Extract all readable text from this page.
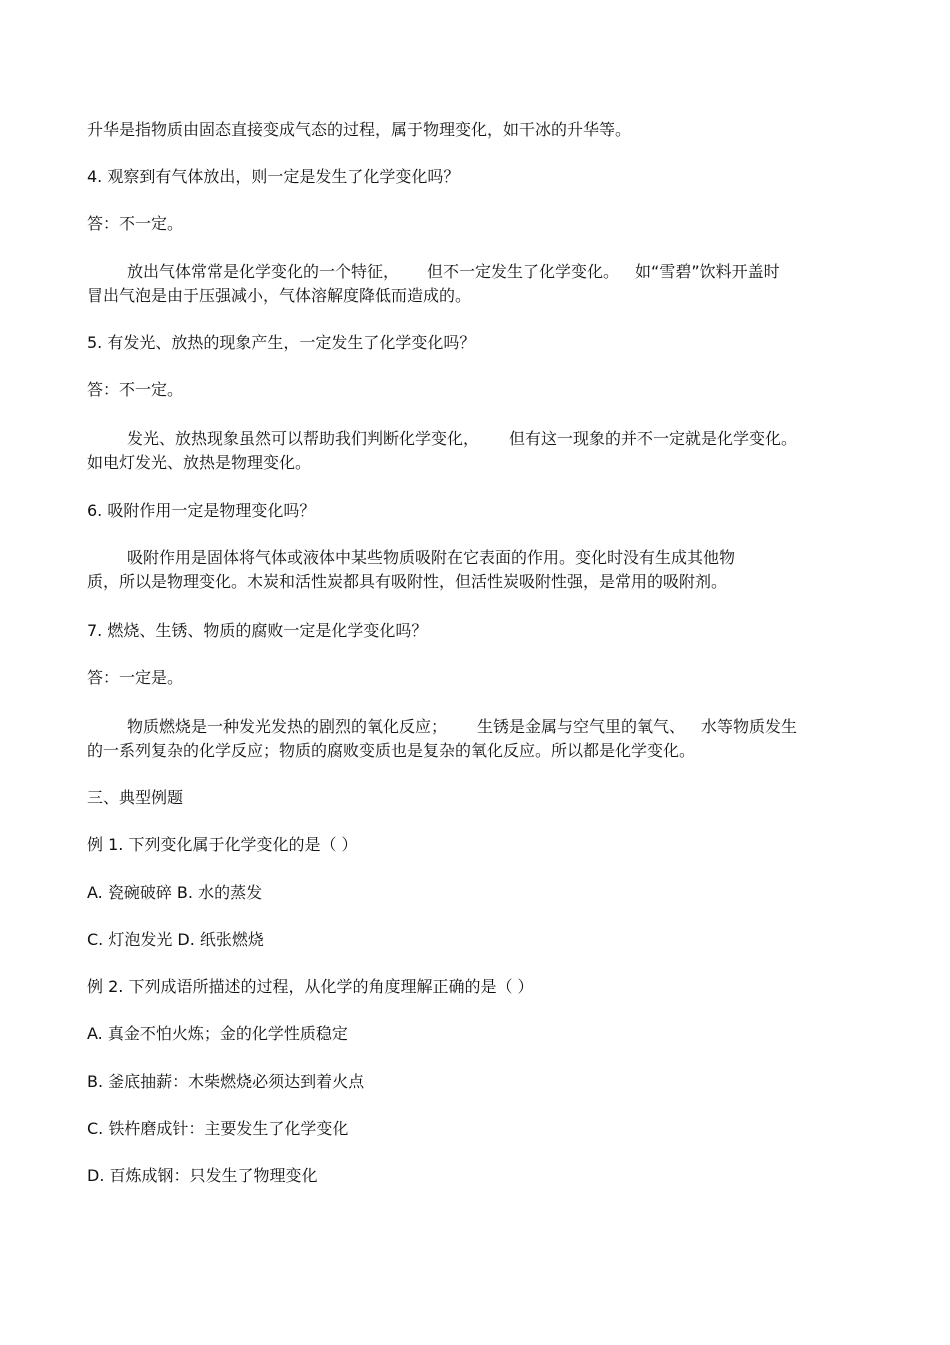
升华是指物质由固态直接变成气态的过程，属于物理变化，如干冰的升华等。
4. 观察到有气体放出，则一定是发生了化学变化吗？
答：不一定。
放出气体常常是化学变化的一个特征， 但不一定发生了化学变化。 如“雪碧”饮料开盖时
冒出气泡是由于压强减小，气体溶解度降低而造成的。
5. 有发光、放热的现象产生，一定发生了化学变化吗？
答：不一定。
发光、放热现象虽然可以帮助我们判断化学变化， 但有这一现象的并不一定就是化学变化。
如电灯发光、放热是物理变化。
6. 吸附作用一定是物理变化吗？
吸附作用是固体将气体或液体中某些物质吸附在它表面的作用。变化时没有生成其他物
质，所以是物理变化。木炭和活性炭都具有吸附性，但活性炭吸附性强，是常用的吸附剂。
7. 燃烧、生锈、物质的腐败一定是化学变化吗？
答：一定是。
物质燃烧是一种发光发热的剧烈的氧化反应； 生锈是金属与空气里的氧气、 水等物质发生
的一系列复杂的化学反应；物质的腐败变质也是复杂的氧化反应。所以都是化学变化。
三、典型例题
例 1. 下列变化属于化学变化的是（ ）
A. 瓷碗破碎 B. 水的蒸发
C. 灯泡发光 D. 纸张燃烧
例 2. 下列成语所描述的过程，从化学的角度理解正确的是（ ）
A. 真金不怕火炼；金的化学性质稳定
B. 釜底抽薪：木柴燃烧必须达到着火点
C. 铁杵磨成针：主要发生了化学变化
D. 百炼成钢：只发生了物理变化
